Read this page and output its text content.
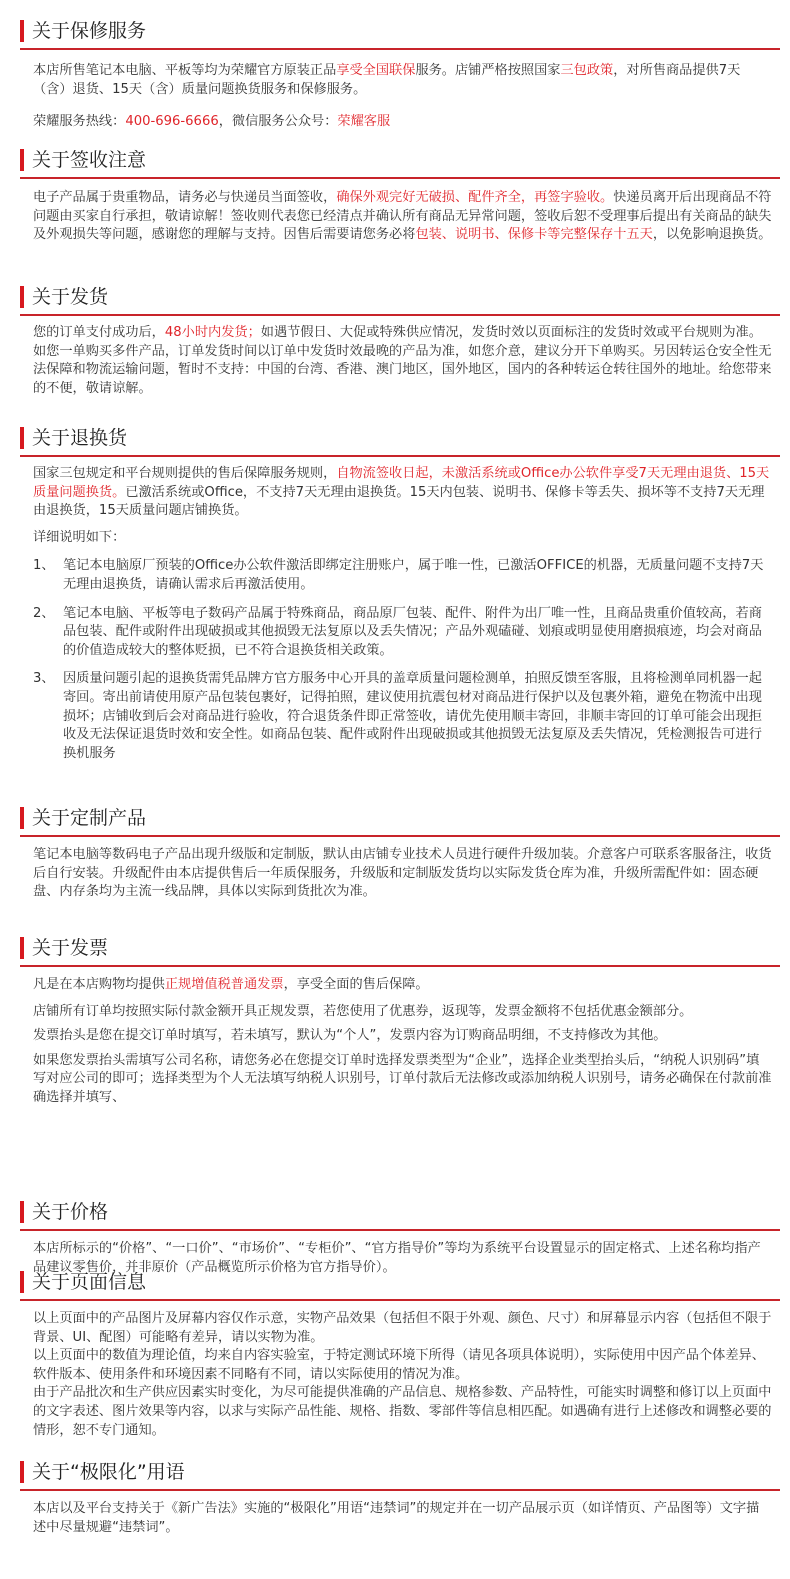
关于保修服务

本店所售笔记本电脑、平板等均为荣耀官方原装正品享受全国联保服务。店铺严格按照国家三包政策，对所售商品提供7天（含）退货、15天（含）质量问题换货服务和保修服务。

荣耀服务热线：400-696-6666，微信服务公众号：荣耀客服

关于签收注意

电子产品属于贵重物品，请务必与快递员当面签收，确保外观完好无破损、配件齐全，再签字验收。快递员离开后出现商品不符问题由买家自行承担，敬请谅解！签收则代表您已经清点并确认所有商品无异常问题，签收后恕不受理事后提出有关商品的缺失及外观损失等问题，感谢您的理解与支持。因售后需要请您务必将包装、说明书、保修卡等完整保存十五天，以免影响退换货。

关于发货

您的订单支付成功后，48小时内发货；如遇节假日、大促或特殊供应情况，发货时效以页面标注的发货时效或平台规则为准。如您一单购买多件产品，订单发货时间以订单中发货时效最晚的产品为准，如您介意，建议分开下单购买。另因转运仓安全性无法保障和物流运输问题，暂时不支持：中国的台湾、香港、澳门地区，国外地区，国内的各种转运仓转往国外的地址。给您带来的不便，敬请谅解。

关于退换货

国家三包规定和平台规则提供的售后保障服务规则，自物流签收日起，未激活系统或Office办公软件享受7天无理由退货、15天质量问题换货。已激活系统或Office，不支持7天无理由退换货。15天内包装、说明书、保修卡等丢失、损坏等不支持7天无理由退换货，15天质量问题店铺换货。

详细说明如下：

1、 笔记本电脑原厂预装的Office办公软件激活即绑定注册账户，属于唯一性，已激活OFFICE的机器，无质量问题不支持7天无理由退换货，请确认需求后再激活使用。
2、 笔记本电脑、平板等电子数码产品属于特殊商品，商品原厂包装、配件、附件为出厂唯一性，且商品贵重价值较高，若商品包装、配件或附件出现破损或其他损毁无法复原以及丢失情况；产品外观磕碰、划痕或明显使用磨损痕迹，均会对商品的价值造成较大的整体贬损，已不符合退换货相关政策。
3、 因质量问题引起的退换货需凭品牌方官方服务中心开具的盖章质量问题检测单，拍照反馈至客服，且将检测单同机器一起寄回。寄出前请使用原产品包装包裹好，记得拍照，建议使用抗震包材对商品进行保护以及包裹外箱，避免在物流中出现损坏；店铺收到后会对商品进行验收，符合退货条件即正常签收，请优先使用顺丰寄回，非顺丰寄回的订单可能会出现拒收及无法保证退货时效和安全性。如商品包装、配件或附件出现破损或其他损毁无法复原及丢失情况，凭检测报告可进行换机服务
关于定制产品

笔记本电脑等数码电子产品出现升级版和定制版，默认由店铺专业技术人员进行硬件升级加装。介意客户可联系客服备注，收货后自行安装。升级配件由本店提供售后一年质保服务，升级版和定制版发货均以实际发货仓库为准，升级所需配件如：固态硬盘、内存条均为主流一线品牌，具体以实际到货批次为准。

关于发票

凡是在本店购物均提供正规增值税普通发票，享受全面的售后保障。

店铺所有订单均按照实际付款金额开具正规发票，若您使用了优惠券，返现等，发票金额将不包括优惠金额部分。

发票抬头是您在提交订单时填写，若未填写，默认为“个人”，发票内容为订购商品明细，不支持修改为其他。

如果您发票抬头需填写公司名称，请您务必在您提交订单时选择发票类型为“企业”，选择企业类型抬头后，“纳税人识别码”填写对应公司的即可；选择类型为个人无法填写纳税人识别号，订单付款后无法修改或添加纳税人识别号，请务必确保在付款前准确选择并填写、

关于价格

本店所标示的“价格”、“一口价”、“市场价”、“专柜价”、“官方指导价”等均为系统平台设置显示的固定格式、上述名称均指产品建议零售价，并非原价（产品概览所示价格为官方指导价）。

关于页面信息

以上页面中的产品图片及屏幕内容仅作示意，实物产品效果（包括但不限于外观、颜色、尺寸）和屏幕显示内容（包括但不限于背景、UI、配图）可能略有差异，请以实物为准。

以上页面中的数值为理论值，均来自内容实验室，于特定测试环境下所得（请见各项具体说明），实际使用中因产品个体差异、软件版本、使用条件和环境因素不同略有不同，请以实际使用的情况为准。

由于产品批次和生产供应因素实时变化，为尽可能提供准确的产品信息、规格参数、产品特性，可能实时调整和修订以上页面中的文字表述、图片效果等内容，以求与实际产品性能、规格、指数、零部件等信息相匹配。如遇确有进行上述修改和调整必要的情形，恕不专门通知。

关于“极限化”用语

本店以及平台支持关于《新广告法》实施的“极限化”用语“违禁词”的规定并在一切产品展示页（如详情页、产品图等）文字描述中尽量规避“违禁词”。
